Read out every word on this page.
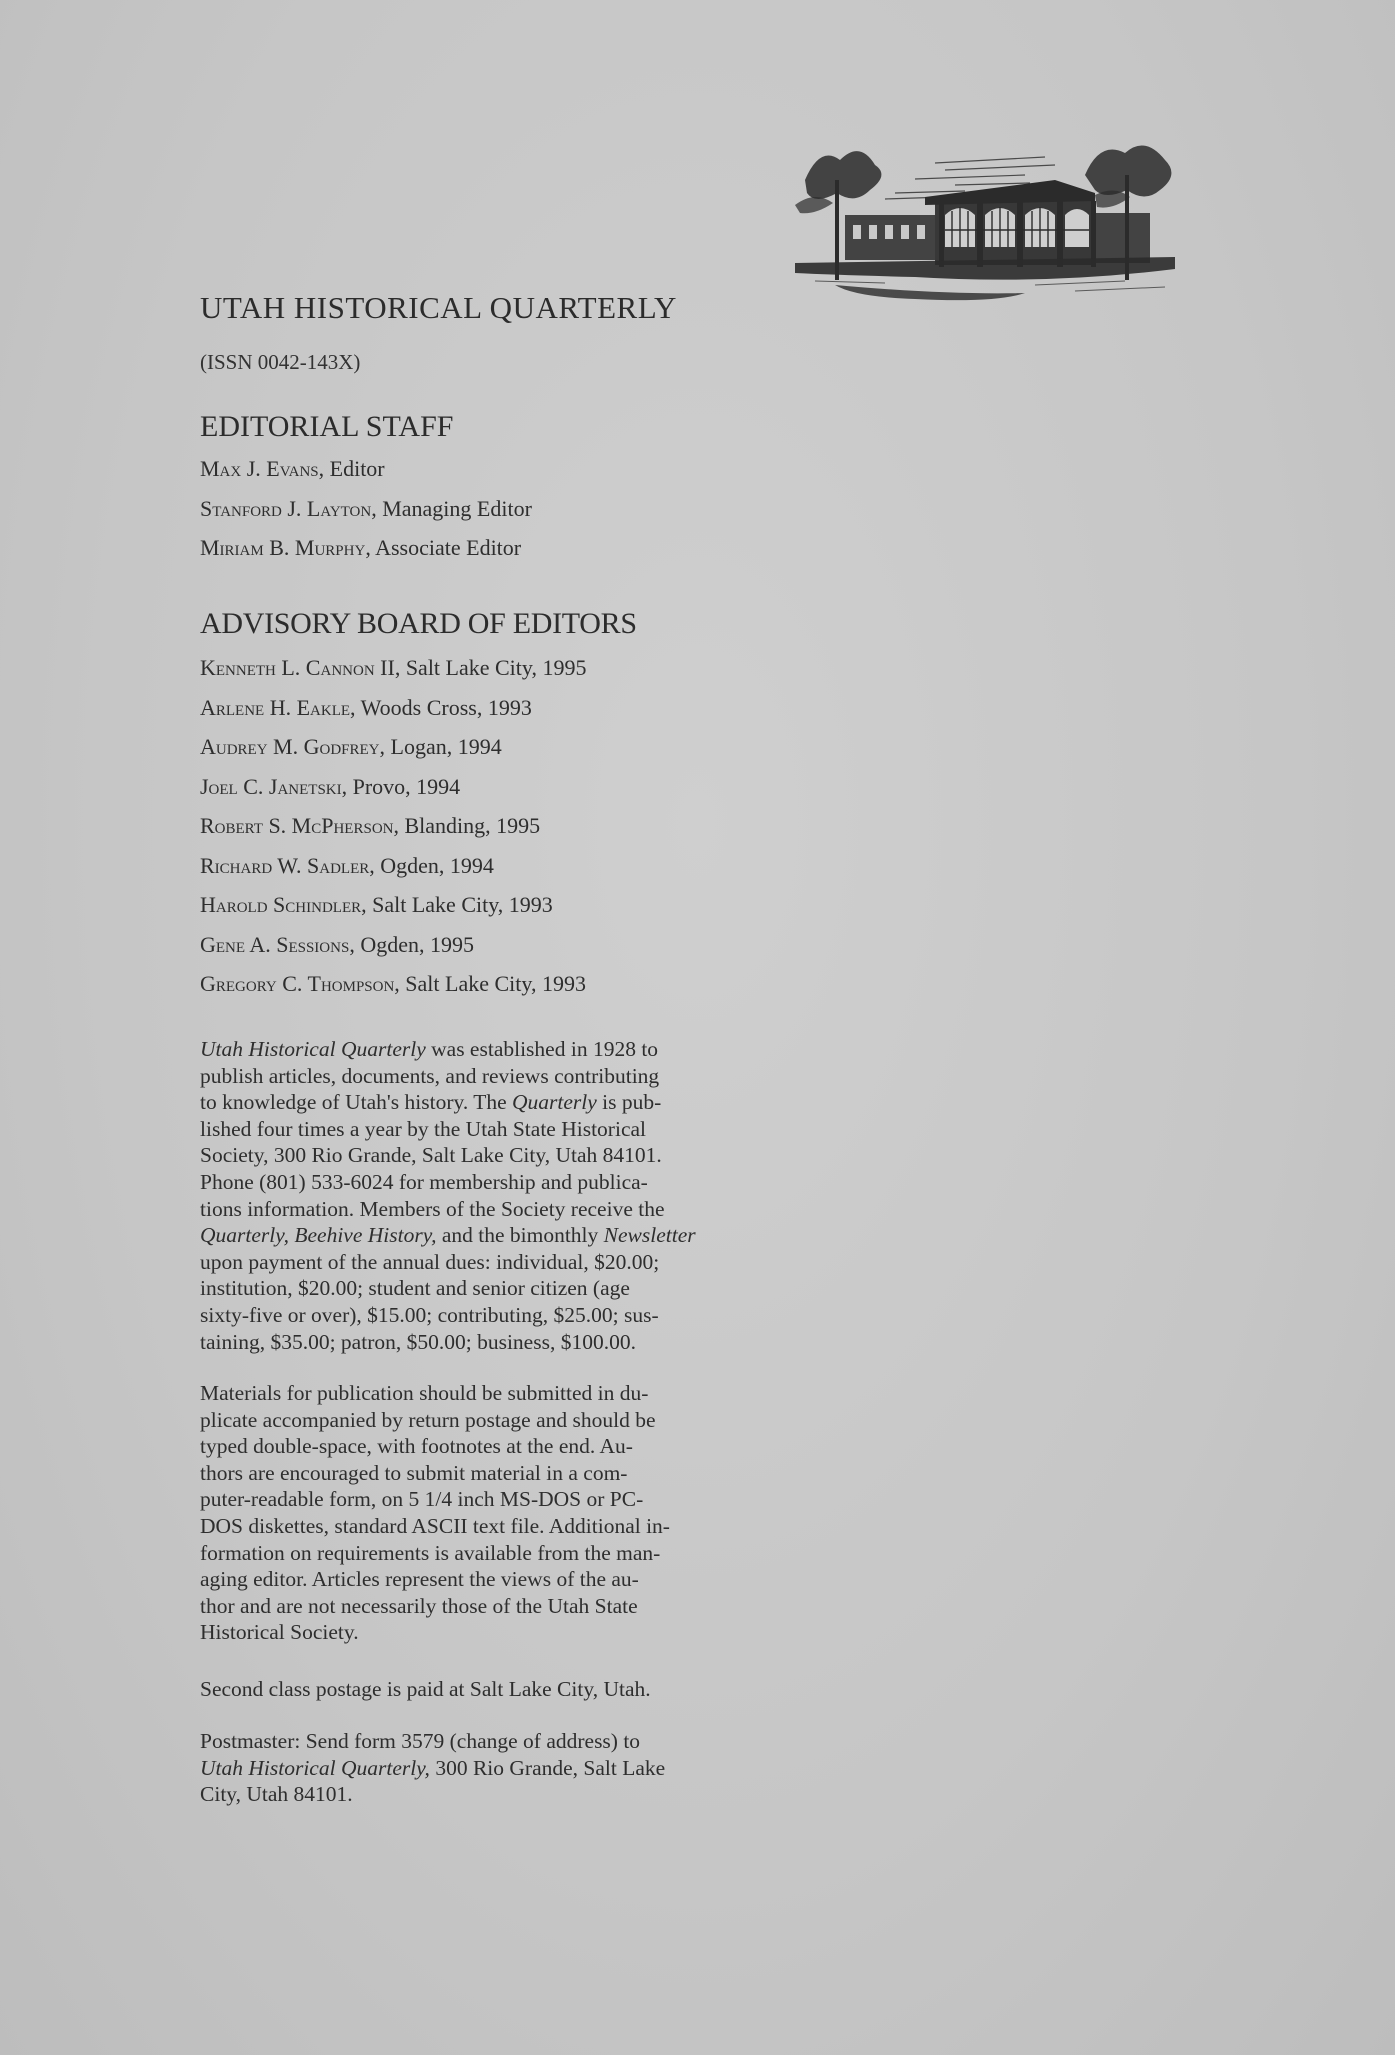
UTAH HISTORICAL QUARTERLY
(ISSN 0042-143X)
EDITORIAL STAFF
Max J. Evans, Editor
Stanford J. Layton, Managing Editor
Miriam B. Murphy, Associate Editor
ADVISORY BOARD OF EDITORS
Kenneth L. Cannon II, Salt Lake City, 1995
Arlene H. Eakle, Woods Cross, 1993
Audrey M. Godfrey, Logan, 1994
Joel C. Janetski, Provo, 1994
Robert S. McPherson, Blanding, 1995
Richard W. Sadler, Ogden, 1994
Harold Schindler, Salt Lake City, 1993
Gene A. Sessions, Ogden, 1995
Gregory C. Thompson, Salt Lake City, 1993

Utah Historical Quarterly was established in 1928 to
publish articles, documents, and reviews contributing
to knowledge of Utah's history. The Quarterly is pub-
lished four times a year by the Utah State Historical
Society, 300 Rio Grande, Salt Lake City, Utah 84101.
Phone (801) 533-6024 for membership and publica-
tions information. Members of the Society receive the
Quarterly, Beehive History, and the bimonthly Newsletter
upon payment of the annual dues: individual, $20.00;
institution, $20.00; student and senior citizen (age
sixty-five or over), $15.00; contributing, $25.00; sus-
taining, $35.00; patron, $50.00; business, $100.00.

Materials for publication should be submitted in du-
plicate accompanied by return postage and should be
typed double-space, with footnotes at the end. Au-
thors are encouraged to submit material in a com-
puter-readable form, on 5 1/4 inch MS-DOS or PC-
DOS diskettes, standard ASCII text file. Additional in-
formation on requirements is available from the man-
aging editor. Articles represent the views of the au-
thor and are not necessarily those of the Utah State
Historical Society.

Second class postage is paid at Salt Lake City, Utah.

Postmaster: Send form 3579 (change of address) to
Utah Historical Quarterly, 300 Rio Grande, Salt Lake
City, Utah 84101.
